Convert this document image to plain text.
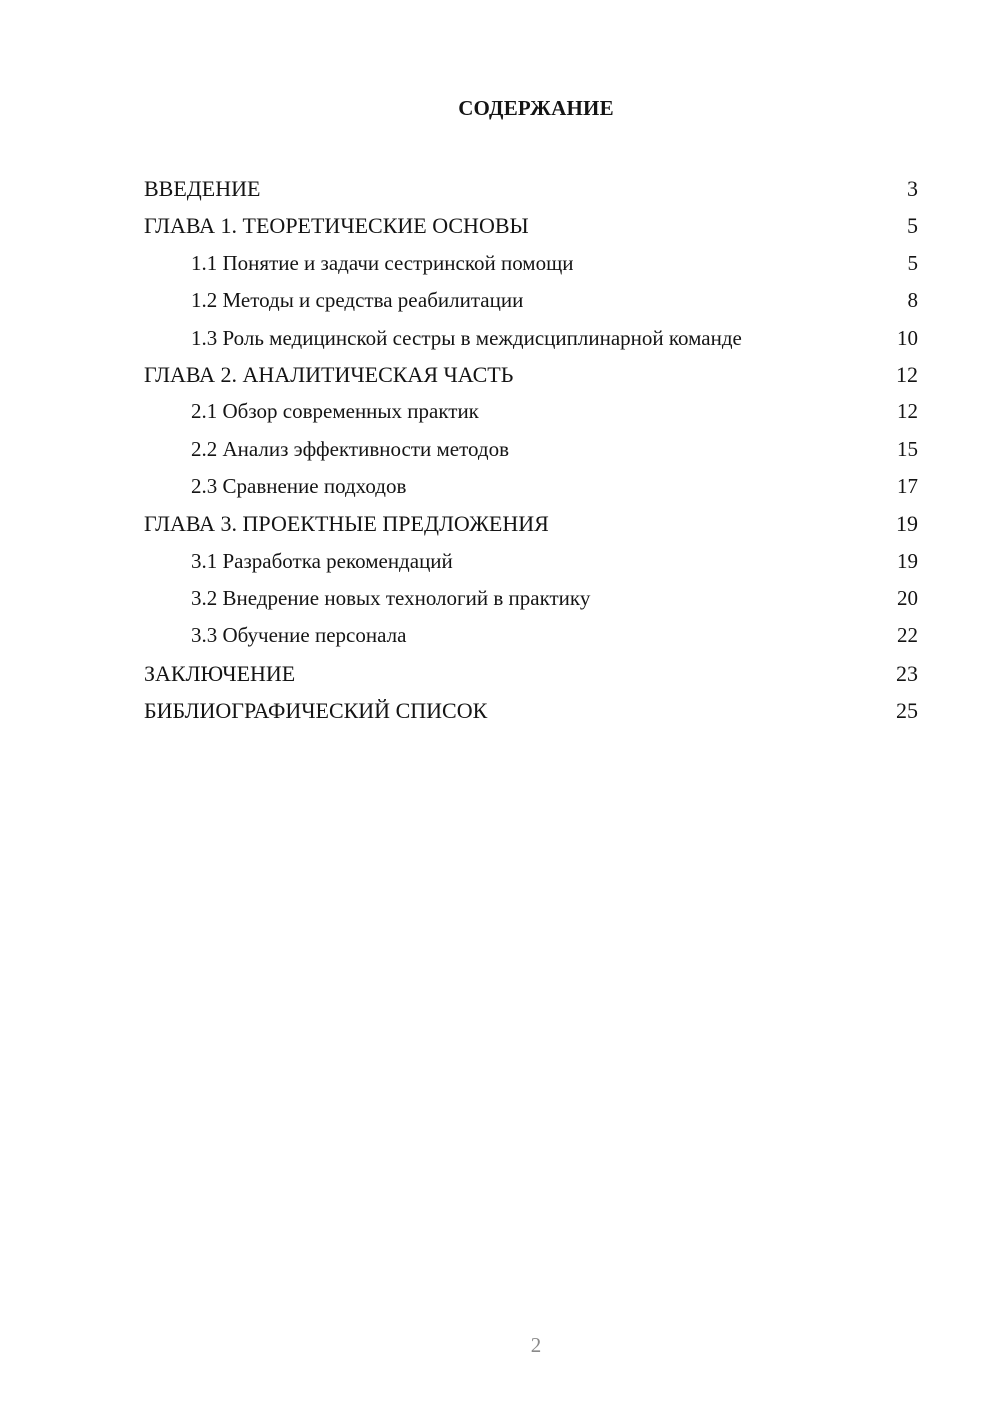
СОДЕРЖАНИЕ
ВВЕДЕНИЕ	3
ГЛАВА 1. ТЕОРЕТИЧЕСКИЕ ОСНОВЫ	5
1.1 Понятие и задачи сестринской помощи	5
1.2 Методы и средства реабилитации	8
1.3 Роль медицинской сестры в междисциплинарной команде	10
ГЛАВА 2. АНАЛИТИЧЕСКАЯ ЧАСТЬ	12
2.1 Обзор современных практик	12
2.2 Анализ эффективности методов	15
2.3 Сравнение подходов	17
ГЛАВА 3. ПРОЕКТНЫЕ ПРЕДЛОЖЕНИЯ	19
3.1 Разработка рекомендаций	19
3.2 Внедрение новых технологий в практику	20
3.3 Обучение персонала	22
ЗАКЛЮЧЕНИЕ	23
БИБЛИОГРАФИЧЕСКИЙ СПИСОК	25
2
